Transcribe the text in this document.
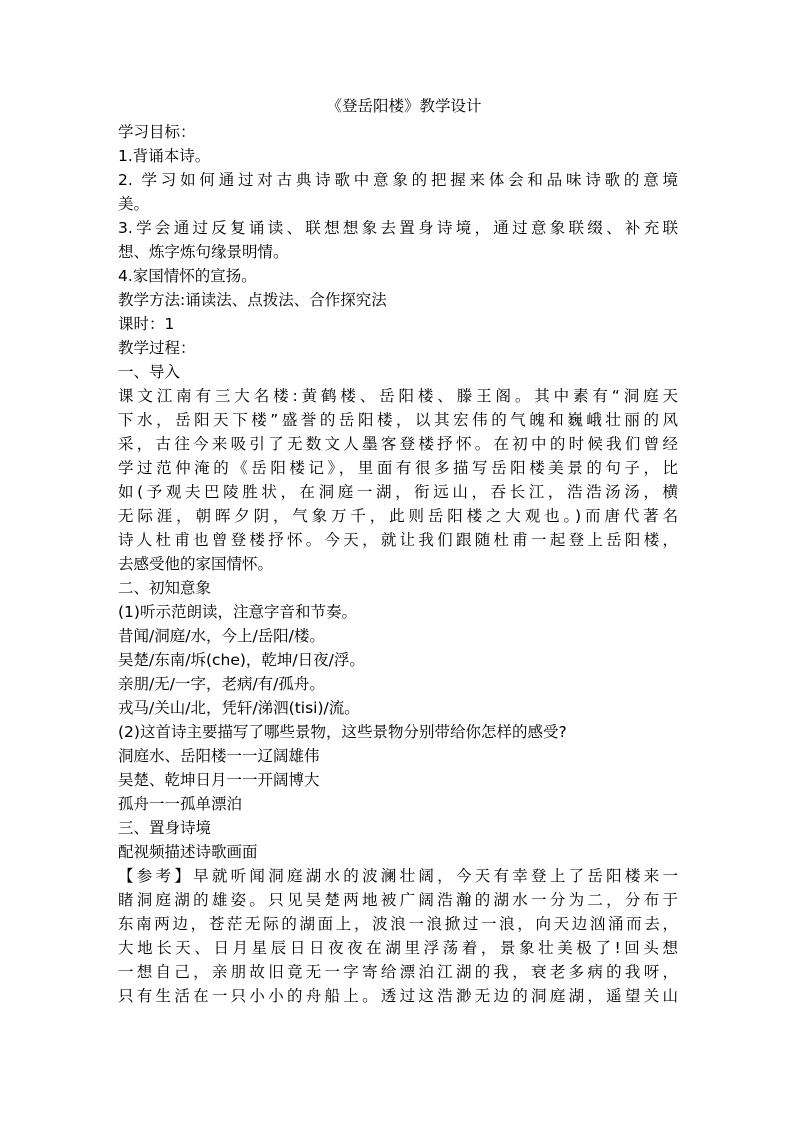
《登岳阳楼》教学设计
学习目标：
1.背诵本诗。
2. 学习如何通过对古典诗歌中意象的把握来体会和品味诗歌的意境
美。
3.学会通过反复诵读、联想想象去置身诗境，通过意象联缀、补充联
想、炼字炼句缘景明情。
4.家国情怀的宣扬。
教学方法:诵读法、点拨法、合作探究法
课时：1
教学过程：
一、导入
课文江南有三大名楼:黄鹤楼、岳阳楼、滕王阁。其中素有“洞庭天
下水，岳阳天下楼”盛誉的岳阳楼，以其宏伟的气魄和巍峨壮丽的风
采，古往今来吸引了无数文人墨客登楼抒怀。在初中的时候我们曾经
学过范仲淹的《岳阳楼记》，里面有很多描写岳阳楼美景的句子，比
如(予观夫巴陵胜状，在洞庭一湖，衔远山，吞长江，浩浩汤汤，横
无际涯，朝晖夕阴，气象万千，此则岳阳楼之大观也。)而唐代著名
诗人杜甫也曾登楼抒怀。今天，就让我们跟随杜甫一起登上岳阳楼，
去感受他的家国情怀。
二、初知意象
(1)听示范朗读，注意字音和节奏。
昔闻/洞庭/水，今上/岳阳/楼。
吴楚/东南/坼(che)，乾坤/日夜/浮。
亲朋/无/一字，老病/有/孤舟。
戎马/关山/北，凭轩/涕泗(tisi)/流。
(2)这首诗主要描写了哪些景物，这些景物分别带给你怎样的感受?
洞庭水、岳阳楼一一辽阔雄伟
吴楚、乾坤日月一一开阔博大
孤舟一一孤单漂泊
三、置身诗境
配视频描述诗歌画面
【参考】早就听闻洞庭湖水的波澜壮阔，今天有幸登上了岳阳楼来一
睹洞庭湖的雄姿。只见吴楚两地被广阔浩瀚的湖水一分为二，分布于
东南两边，苍茫无际的湖面上，波浪一浪掀过一浪，向天边汹涌而去，
大地长天、日月星辰日日夜夜在湖里浮荡着，景象壮美极了!回头想
一想自己，亲朋故旧竟无一字寄给漂泊江湖的我，衰老多病的我呀，
只有生活在一只小小的舟船上。透过这浩渺无边的洞庭湖，遥望关山
